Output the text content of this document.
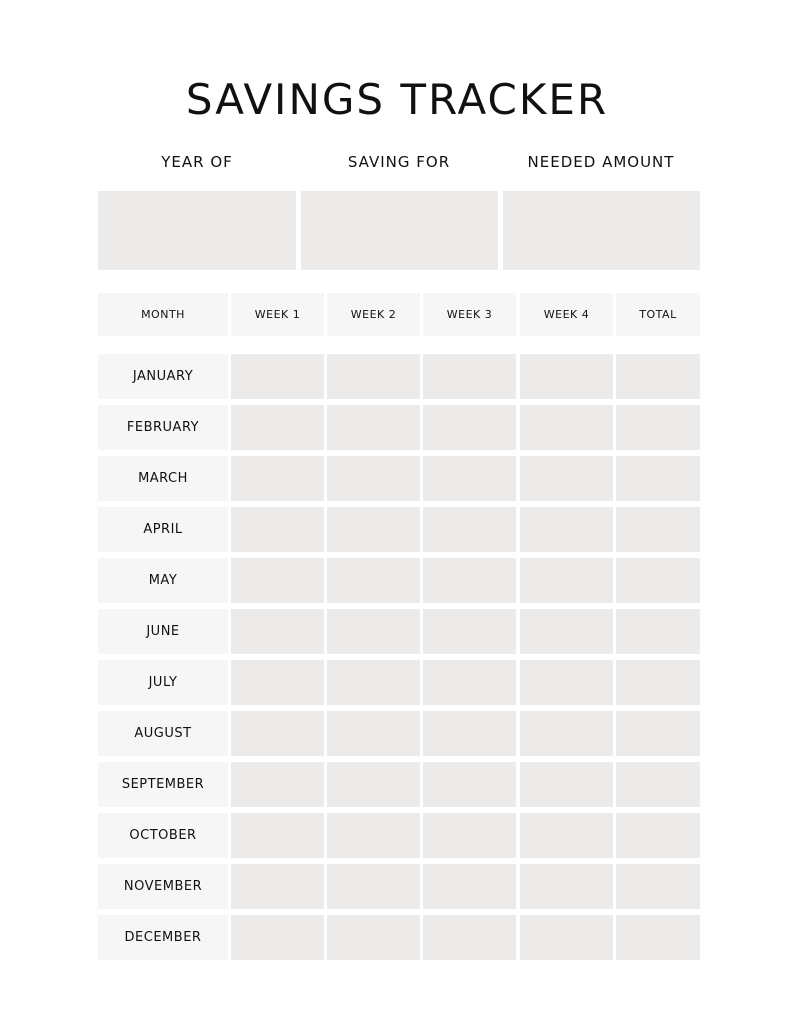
SAVINGS TRACKER
YEAR OF	SAVING FOR	NEEDED AMOUNT
MONTH	WEEK 1	WEEK 2	WEEK 3	WEEK 4	TOTAL
JANUARY
FEBRUARY
MARCH
APRIL
MAY
JUNE
JULY
AUGUST
SEPTEMBER
OCTOBER
NOVEMBER
DECEMBER
